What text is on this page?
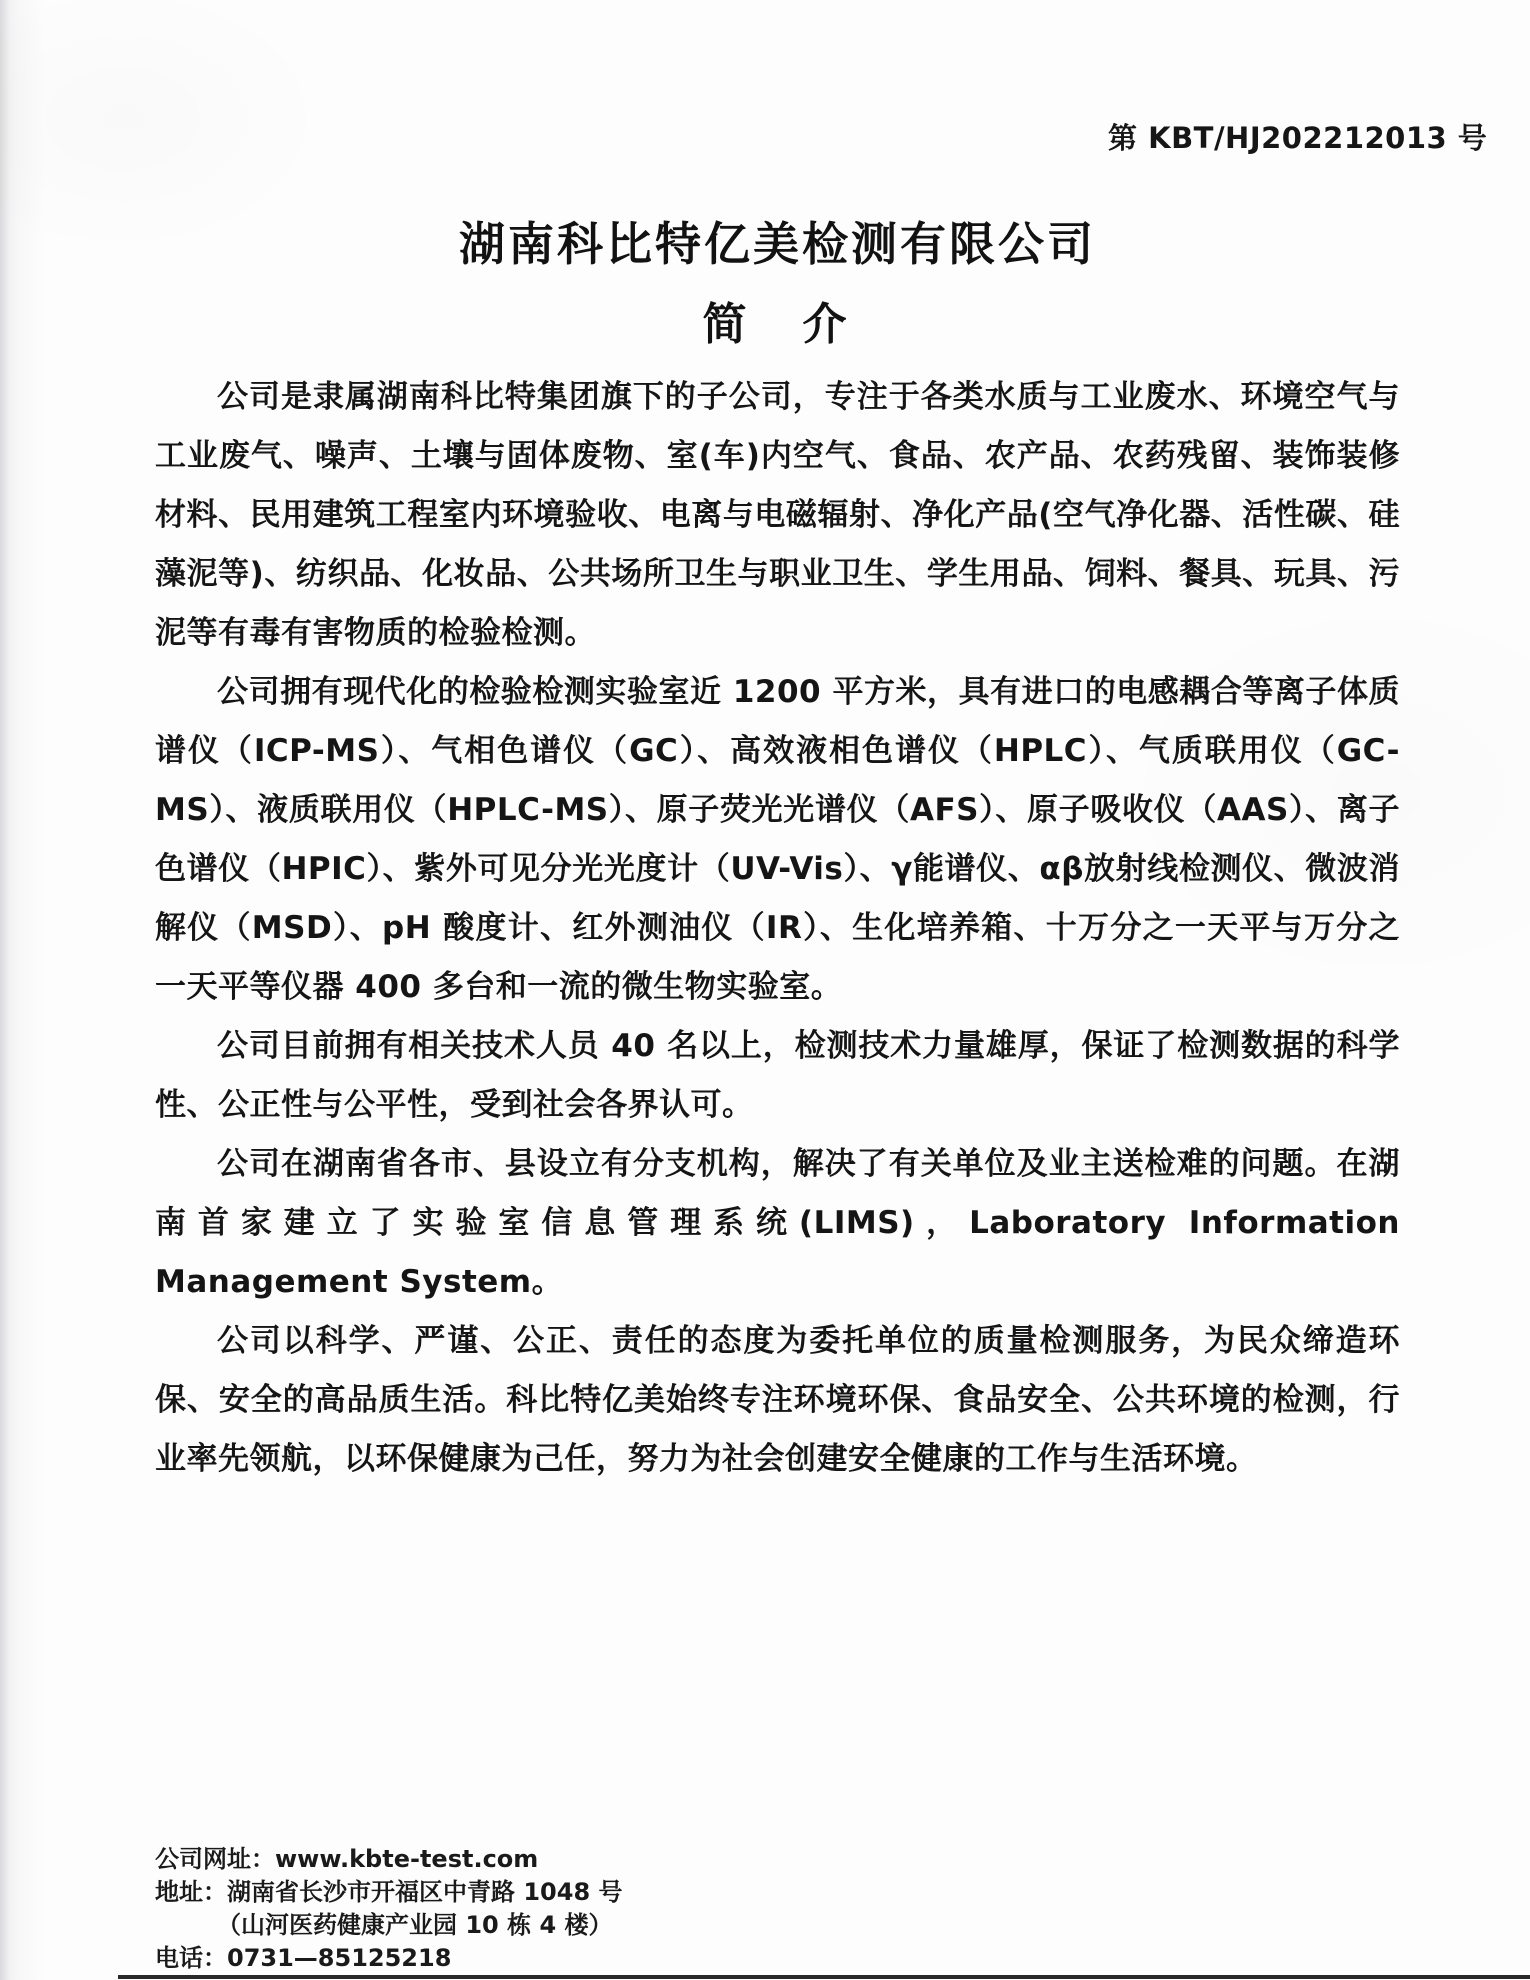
第 KBT/HJ202212013 号
湖南科比特亿美检测有限公司
简　介

公司是隶属湖南科比特集团旗下的子公司，专注于各类水质与工业废水、环境空气与工业废气、噪声、土壤与固体废物、室(车)内空气、食品、农产品、农药残留、装饰装修材料、民用建筑工程室内环境验收、电离与电磁辐射、净化产品(空气净化器、活性碳、硅藻泥等)、纺织品、化妆品、公共场所卫生与职业卫生、学生用品、饲料、餐具、玩具、污泥等有毒有害物质的检验检测。

公司拥有现代化的检验检测实验室近 1200 平方米，具有进口的电感耦合等离子体质谱仪（ICP-MS）、气相色谱仪（GC）、高效液相色谱仪（HPLC）、气质联用仪（GC-MS）、液质联用仪（HPLC-MS）、原子荧光光谱仪（AFS）、原子吸收仪（AAS）、离子色谱仪（HPIC）、紫外可见分光光度计（UV-Vis）、γ能谱仪、αβ放射线检测仪、微波消解仪（MSD）、pH 酸度计、红外测油仪（IR）、生化培养箱、十万分之一天平与万分之一天平等仪器 400 多台和一流的微生物实验室。

公司目前拥有相关技术人员 40 名以上，检测技术力量雄厚，保证了检测数据的科学性、公正性与公平性，受到社会各界认可。

公司在湖南省各市、县设立有分支机构，解决了有关单位及业主送检难的问题。在湖南首家建立了实验室信息管理系统(LIMS)，Laboratory Information Management System。

公司以科学、严谨、公正、责任的态度为委托单位的质量检测服务，为民众缔造环保、安全的高品质生活。科比特亿美始终专注环境环保、食品安全、公共环境的检测，行业率先领航，以环保健康为己任，努力为社会创建安全健康的工作与生活环境。

公司网址：www.kbte-test.com
地址：湖南省长沙市开福区中青路 1048 号
（山河医药健康产业园 10 栋 4 楼）
电话：0731—85125218
